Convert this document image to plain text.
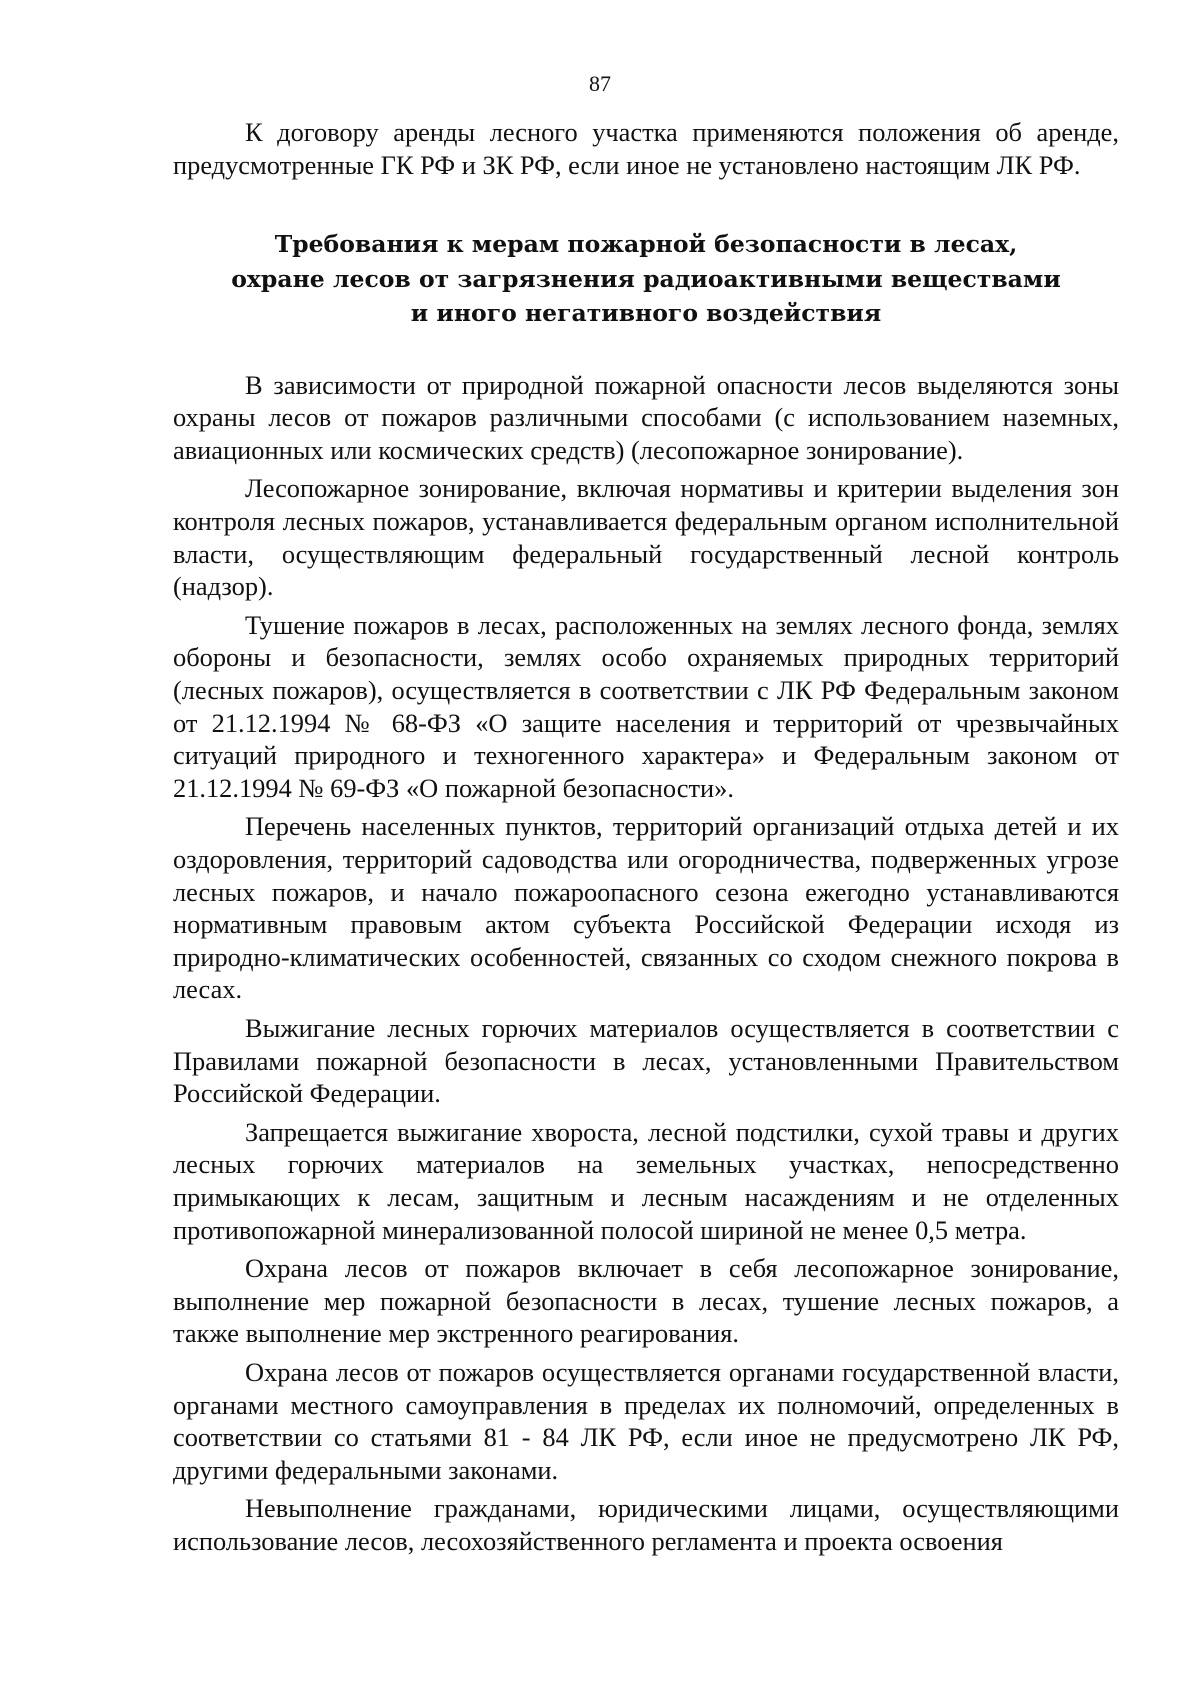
87

К договору аренды лесного участка применяются положения об аренде, предусмотренные ГК РФ и ЗК РФ, если иное не установлено настоящим ЛК РФ.

Требования к мерам пожарной безопасности в лесах,
охране лесов от загрязнения радиоактивными веществами
и иного негативного воздействия

В зависимости от природной пожарной опасности лесов выделяются зоны охраны лесов от пожаров различными способами (с использованием наземных, авиационных или космических средств) (лесопожарное зонирование).

Лесопожарное зонирование, включая нормативы и критерии выделения зон контроля лесных пожаров, устанавливается федеральным органом исполнительной власти, осуществляющим федеральный государственный лесной контроль (надзор).

Тушение пожаров в лесах, расположенных на землях лесного фонда, землях обороны и безопасности, землях особо охраняемых природных территорий (лесных пожаров), осуществляется в соответствии с ЛК РФ Федеральным законом от 21.12.1994 № 68-ФЗ «О защите населения и территорий от чрезвычайных ситуаций природного и техногенного характера» и Федеральным законом от 21.12.1994 № 69-ФЗ «О пожарной безопасности».

Перечень населенных пунктов, территорий организаций отдыха детей и их оздоровления, территорий садоводства или огородничества, подверженных угрозе лесных пожаров, и начало пожароопасного сезона ежегодно устанавливаются нормативным правовым актом субъекта Российской Федерации исходя из природно-климатических особенностей, связанных со сходом снежного покрова в лесах.

Выжигание лесных горючих материалов осуществляется в соответствии с Правилами пожарной безопасности в лесах, установленными Правительством Российской Федерации.

Запрещается выжигание хвороста, лесной подстилки, сухой травы и других лесных горючих материалов на земельных участках, непосредственно примыкающих к лесам, защитным и лесным насаждениям и не отделенных противопожарной минерализованной полосой шириной не менее 0,5 метра.

Охрана лесов от пожаров включает в себя лесопожарное зонирование, выполнение мер пожарной безопасности в лесах, тушение лесных пожаров, а также выполнение мер экстренного реагирования.

Охрана лесов от пожаров осуществляется органами государственной власти, органами местного самоуправления в пределах их полномочий, определенных в соответствии со статьями 81 - 84 ЛК РФ, если иное не предусмотрено ЛК РФ, другими федеральными законами.

Невыполнение гражданами, юридическими лицами, осуществляющими использование лесов, лесохозяйственного регламента и проекта освоения
